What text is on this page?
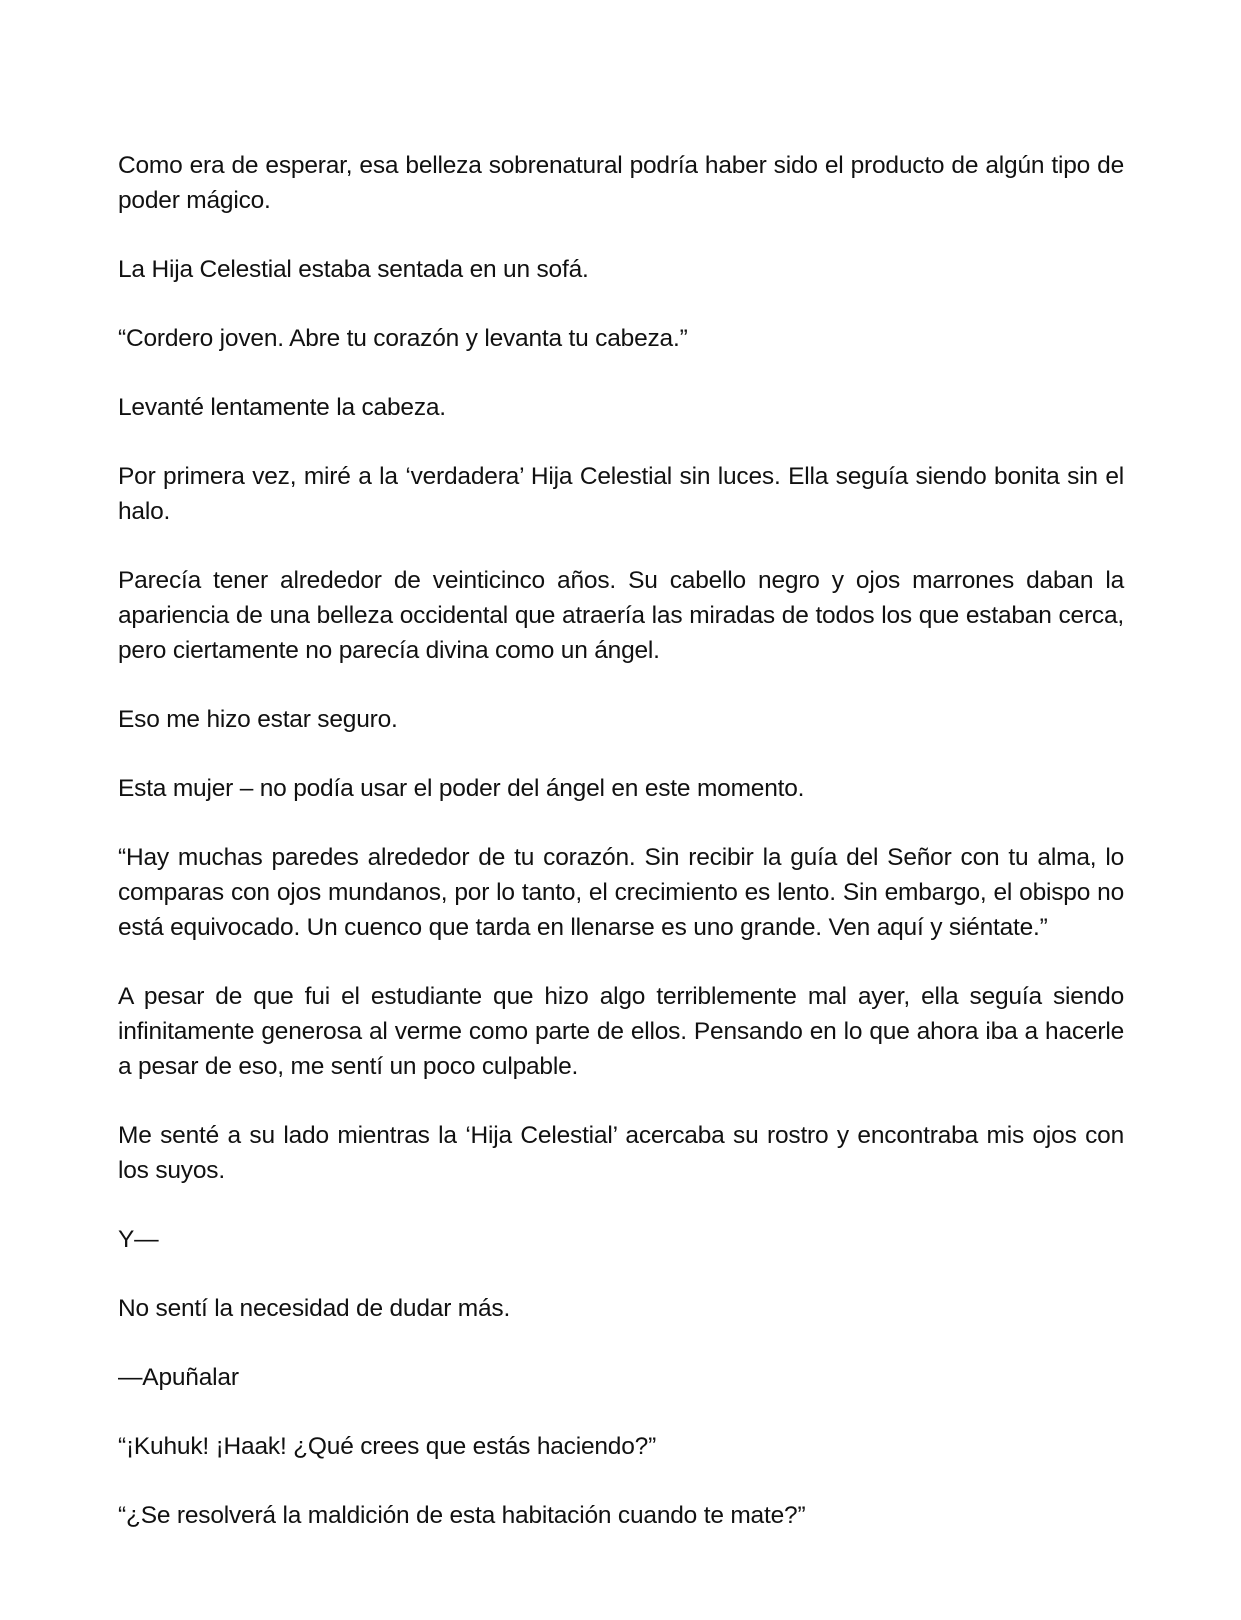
Como era de esperar, esa belleza sobrenatural podría haber sido el producto de algún tipo de poder mágico.

La Hija Celestial estaba sentada en un sofá.

“Cordero joven. Abre tu corazón y levanta tu cabeza.”

Levanté lentamente la cabeza.

Por primera vez, miré a la ‘verdadera’ Hija Celestial sin luces. Ella seguía siendo bonita sin el halo.

Parecía tener alrededor de veinticinco años. Su cabello negro y ojos marrones daban la apariencia de una belleza occidental que atraería las miradas de todos los que estaban cerca, pero ciertamente no parecía divina como un ángel.

Eso me hizo estar seguro.

Esta mujer – no podía usar el poder del ángel en este momento.

“Hay muchas paredes alrededor de tu corazón. Sin recibir la guía del Señor con tu alma, lo comparas con ojos mundanos, por lo tanto, el crecimiento es lento. Sin embargo, el obispo no está equivocado. Un cuenco que tarda en llenarse es uno grande. Ven aquí y siéntate.”

A pesar de que fui el estudiante que hizo algo terriblemente mal ayer, ella seguía siendo infinitamente generosa al verme como parte de ellos. Pensando en lo que ahora iba a hacerle a pesar de eso, me sentí un poco culpable.

Me senté a su lado mientras la ‘Hija Celestial’ acercaba su rostro y encontraba mis ojos con los suyos.

Y—

No sentí la necesidad de dudar más.

—Apuñalar

“¡Kuhuk! ¡Haak! ¿Qué crees que estás haciendo?”

“¿Se resolverá la maldición de esta habitación cuando te mate?”
